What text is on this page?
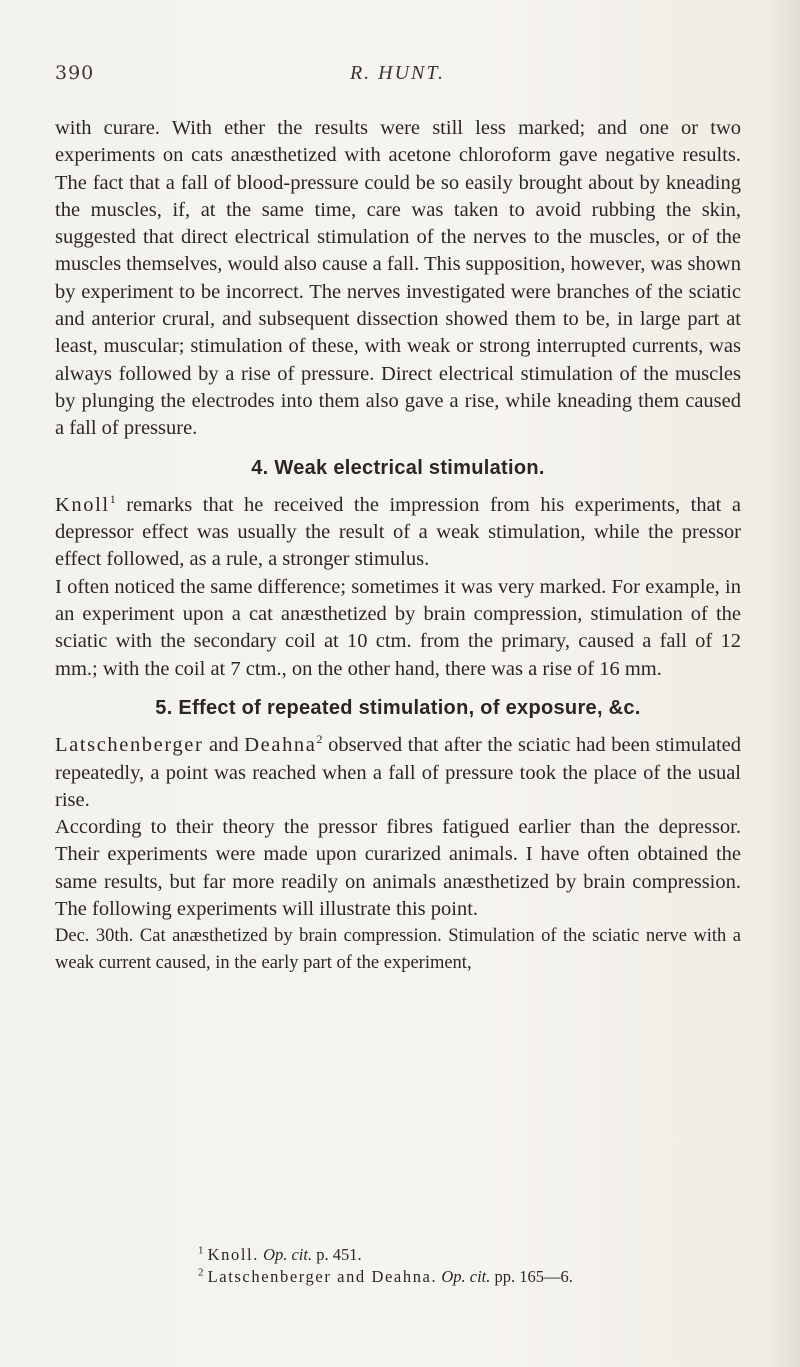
390	R. HUNT.

with curare. With ether the results were still less marked; and one or two experiments on cats anæsthetized with acetone chloroform gave negative results. The fact that a fall of blood-pressure could be so easily brought about by kneading the muscles, if, at the same time, care was taken to avoid rubbing the skin, suggested that direct electrical stimulation of the nerves to the muscles, or of the muscles themselves, would also cause a fall. This supposition, however, was shown by experiment to be incorrect. The nerves investigated were branches of the sciatic and anterior crural, and subsequent dissection showed them to be, in large part at least, muscular; stimulation of these, with weak or strong interrupted currents, was always followed by a rise of pressure. Direct electrical stimulation of the muscles by plunging the electrodes into them also gave a rise, while kneading them caused a fall of pressure.

4. Weak electrical stimulation.

Knoll$^1$ remarks that he received the impression from his experiments, that a depressor effect was usually the result of a weak stimulation, while the pressor effect followed, as a rule, a stronger stimulus.

I often noticed the same difference; sometimes it was very marked. For example, in an experiment upon a cat anæsthetized by brain compression, stimulation of the sciatic with the secondary coil at 10 ctm. from the primary, caused a fall of 12 mm.; with the coil at 7 ctm., on the other hand, there was a rise of 16 mm.

5. Effect of repeated stimulation, of exposure, &c.

Latschenberger and Deahna$^2$ observed that after the sciatic had been stimulated repeatedly, a point was reached when a fall of pressure took the place of the usual rise.

According to their theory the pressor fibres fatigued earlier than the depressor. Their experiments were made upon curarized animals. I have often obtained the same results, but far more readily on animals anæsthetized by brain compression. The following experiments will illustrate this point.

Dec. 30th. Cat anæsthetized by brain compression. Stimulation of the sciatic nerve with a weak current caused, in the early part of the experiment,

$^1$ Knoll. Op. cit. p. 451.
$^2$ Latschenberger and Deahna. Op. cit. pp. 165—6.
